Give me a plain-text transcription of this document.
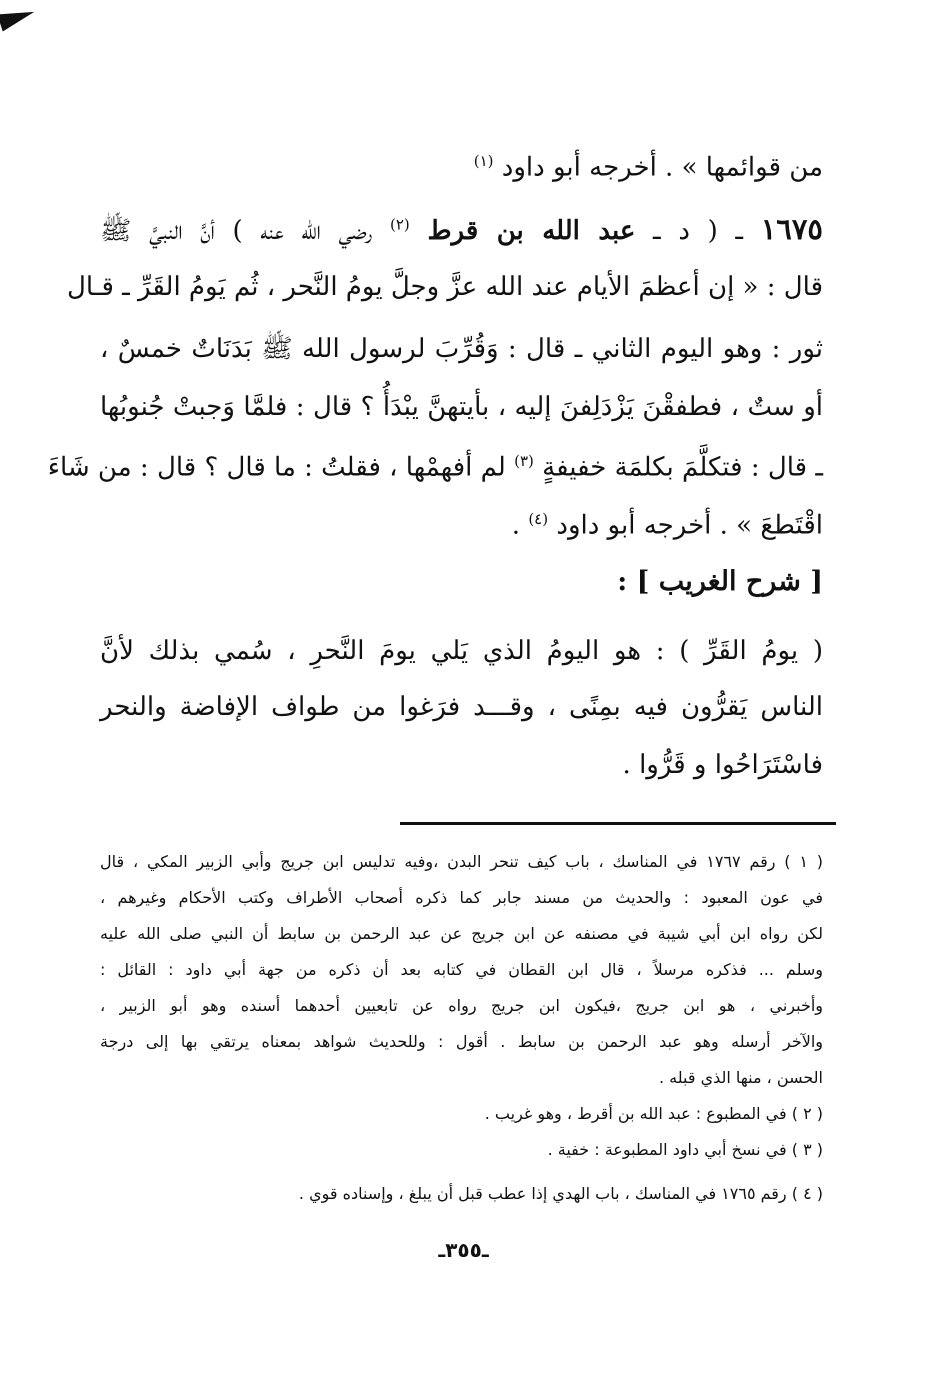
من قوائمها » . أخرجه أبو داود $^{(١)}$
١٦٧٥ ـ ( د ـ عبد الله بن قرط $^{(٢)}$ رضي الله عنه ) أنَّ النبيَّ ﷺ
قال : « إن أعظمَ الأيام عند الله عزَّ وجلَّ يومُ النَّحر ، ثُم يَومُ القَرِّ ـ قـال
ثور : وهو اليوم الثاني ـ قال : وَقُرِّبَ لرسول الله ﷺ بَدَنَاتٌ خمسٌ ،
أو ستٌ ، فطفقْنَ يَزْدَلِفنَ إليه ، بأيتهنَّ يبْدَأُ ؟ قال : فلمَّا وَجبتْ جُنوبُها
ـ قال : فتكلَّمَ بكلمَة خفيفةٍ $^{(٣)}$ لم أفهمْها ، فقلتُ : ما قال ؟ قال : من شَاءَ
اقْتَطعَ » . أخرجه أبو داود $^{(٤)}$ .
[ شرح الغريب ] :
( يومُ القَرِّ ) : هو اليومُ الذي يَلي يومَ النَّحرِ ، سُمي بذلك لأنَّ
الناس يَقرُّون فيه بمِنًى ، وقـــد فرَغوا من طواف الإفاضة والنحر
فاسْتَرَاحُوا و قَرُّوا .
( ١ ) رقم ١٧٦٧ في المناسك ، باب كيف تنحر البدن ،وفيه تدليس ابن جريج وأبي الزبير المكي ، قال
في عون المعبود : والحديث من مسند جابر كما ذكره أصحاب الأطراف وكتب الأحكام وغيرهم ،
لكن رواه ابن أبي شيبة في مصنفه عن ابن جريج عن عبد الرحمن بن سابط أن النبي صلى الله عليه
وسلم ... فذكره مرسلاً ، قال ابن القطان في كتابه بعد أن ذكره من جهة أبي داود : القائل :
وأخبرني ، هو ابن جريج ،فيكون ابن جريج رواه عن تابعيين أحدهما أسنده وهو أبو الزبير ،
والآخر أرسله وهو عبد الرحمن بن سابط . أقول : وللحديث شواهد بمعناه يرتقي بها إلى درجة
الحسن ، منها الذي قبله .
( ٢ ) في المطبوع : عبد الله بن أقرط ، وهو غريب .
( ٣ ) في نسخ أبي داود المطبوعة : خفية .
( ٤ ) رقم ١٧٦٥ في المناسك ، باب الهدي إذا عطب قبل أن يبلغ ، وإسناده قوي .
ـ٣٥٥ـ
